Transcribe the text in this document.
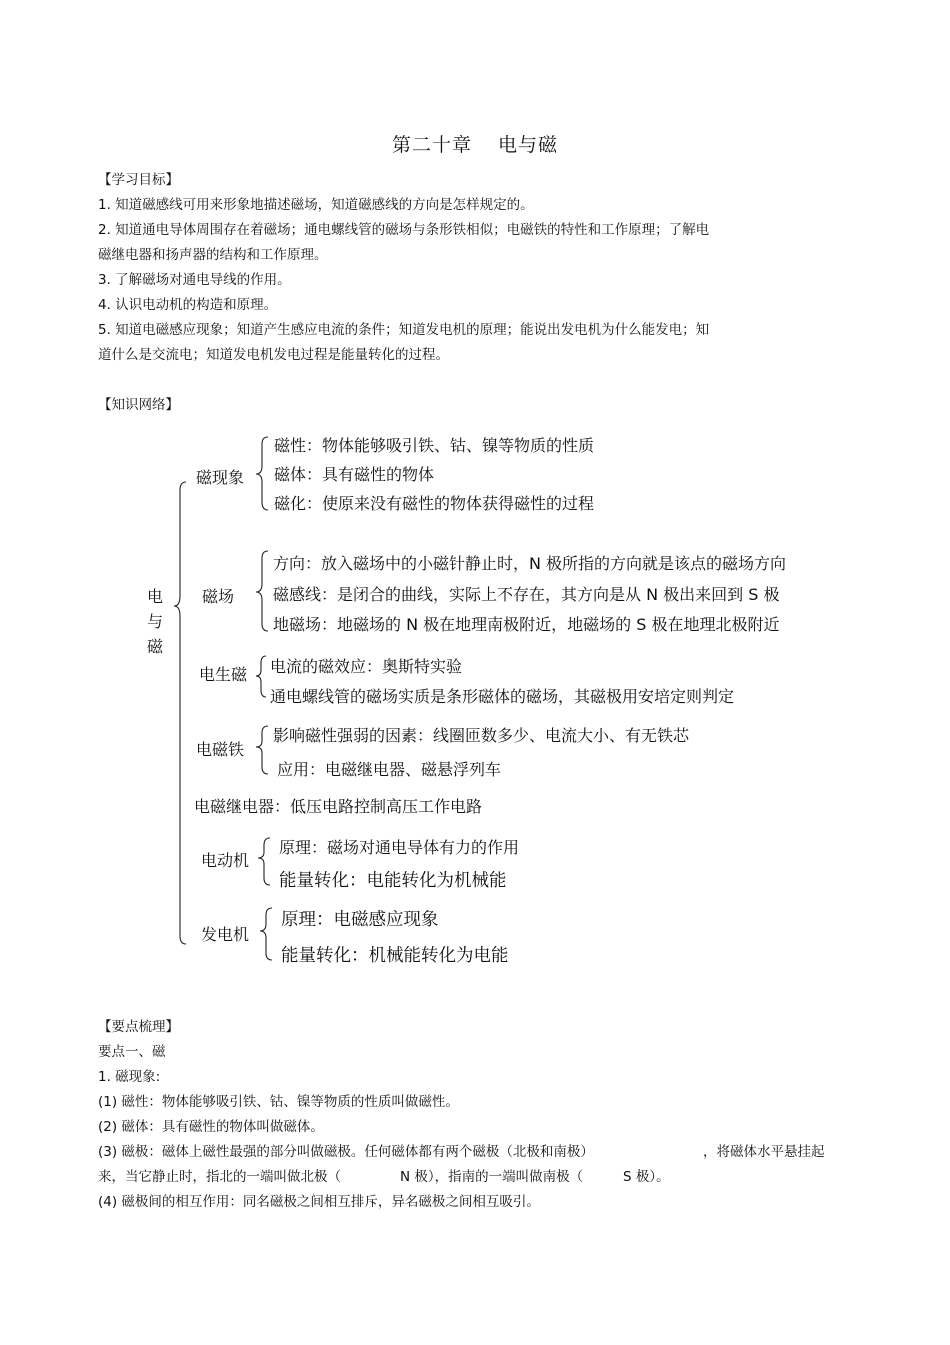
第二十章 电与磁
【学习目标】
1. 知道磁感线可用来形象地描述磁场，知道磁感线的方向是怎样规定的。
2. 知道通电导体周围存在着磁场；通电螺线管的磁场与条形铁相似；电磁铁的特性和工作原理；了解电
磁继电器和扬声器的结构和工作原理。
3. 了解磁场对通电导线的作用。
4. 认识电动机的构造和原理。
5. 知道电磁感应现象；知道产生感应电流的条件；知道发电机的原理；能说出发电机为什么能发电；知
道什么是交流电；知道发电机发电过程是能量转化的过程。
【知识网络】
电
与
磁
磁现象
磁性：物体能够吸引铁、钴、镍等物质的性质
磁体：具有磁性的物体
磁化：使原来没有磁性的物体获得磁性的过程
磁场
方向：放入磁场中的小磁针静止时，N 极所指的方向就是该点的磁场方向
磁感线：是闭合的曲线，实际上不存在，其方向是从 N 极出来回到 S 极
地磁场：地磁场的 N 极在地理南极附近，地磁场的 S 极在地理北极附近
电生磁 电流的磁效应：奥斯特实验
通电螺线管的磁场实质是条形磁体的磁场，其磁极用安培定则判定
电磁铁
影响磁性强弱的因素：线圈匝数多少、电流大小、有无铁芯
应用：电磁继电器、磁悬浮列车
电磁继电器：低压电路控制高压工作电路
电动机
原理：磁场对通电导体有力的作用
能量转化：电能转化为机械能
发电机
原理：电磁感应现象
能量转化：机械能转化为电能
【要点梳理】
要点一、磁
1. 磁现象:
(1) 磁性：物体能够吸引铁、钴、镍等物质的性质叫做磁性。
(2) 磁体：具有磁性的物体叫做磁体。
(3) 磁极：磁体上磁性最强的部分叫做磁极。任何磁体都有两个磁极（北极和南极）	，将磁体水平悬挂起
来，当它静止时，指北的一端叫做北极（	N 极），指南的一端叫做南极（	S 极）。
(4) 磁极间的相互作用：同名磁极之间相互排斥，异名磁极之间相互吸引。
